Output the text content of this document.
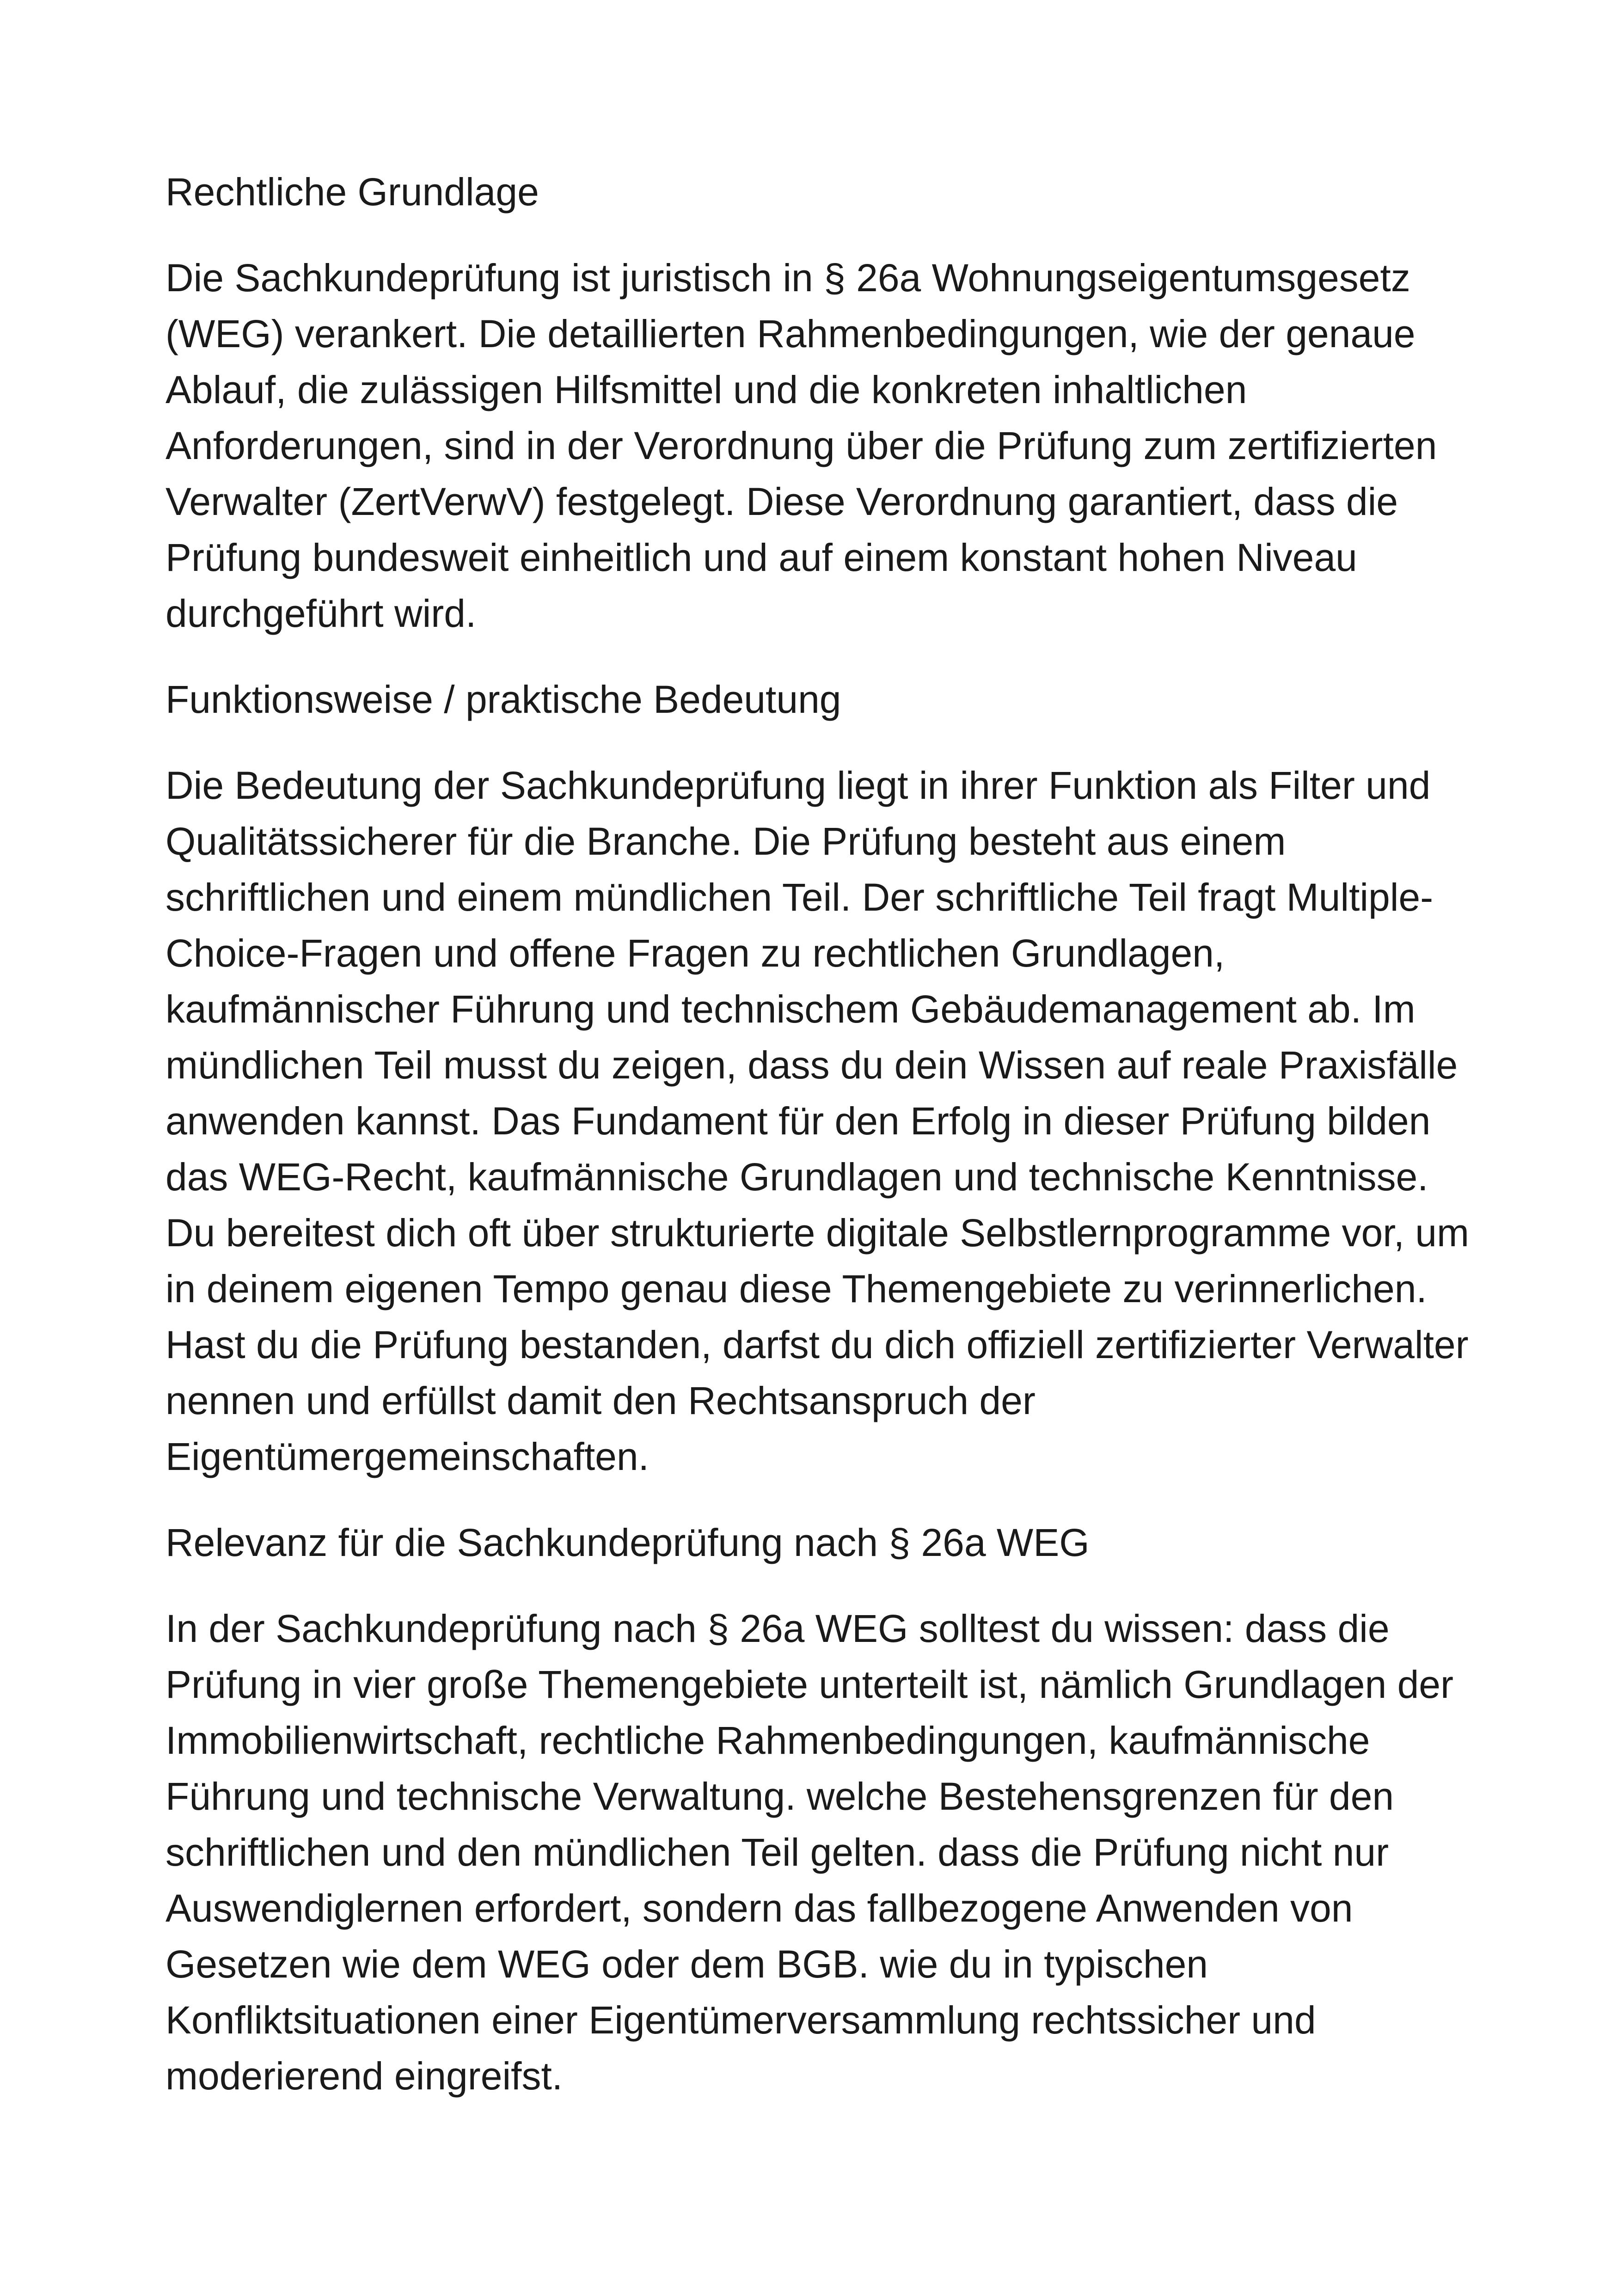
Rechtliche Grundlage

Die Sachkundeprüfung ist juristisch in § 26a Wohnungseigentumsgesetz (WEG) verankert. Die detaillierten Rahmenbedingungen, wie der genaue Ablauf, die zulässigen Hilfsmittel und die konkreten inhaltlichen Anforderungen, sind in der Verordnung über die Prüfung zum zertifizierten Verwalter (ZertVerwV) festgelegt. Diese Verordnung garantiert, dass die Prüfung bundesweit einheitlich und auf einem konstant hohen Niveau durchgeführt wird.

Funktionsweise / praktische Bedeutung

Die Bedeutung der Sachkundeprüfung liegt in ihrer Funktion als Filter und Qualitätssicherer für die Branche. Die Prüfung besteht aus einem schriftlichen und einem mündlichen Teil. Der schriftliche Teil fragt Multiple-Choice-Fragen und offene Fragen zu rechtlichen Grundlagen, kaufmännischer Führung und technischem Gebäudemanagement ab. Im mündlichen Teil musst du zeigen, dass du dein Wissen auf reale Praxisfälle anwenden kannst. Das Fundament für den Erfolg in dieser Prüfung bilden das WEG-Recht, kaufmännische Grundlagen und technische Kenntnisse. Du bereitest dich oft über strukturierte digitale Selbstlernprogramme vor, um in deinem eigenen Tempo genau diese Themengebiete zu verinnerlichen. Hast du die Prüfung bestanden, darfst du dich offiziell zertifizierter Verwalter nennen und erfüllst damit den Rechtsanspruch der Eigentümergemeinschaften.

Relevanz für die Sachkundeprüfung nach § 26a WEG

In der Sachkundeprüfung nach § 26a WEG solltest du wissen: dass die Prüfung in vier große Themengebiete unterteilt ist, nämlich Grundlagen der Immobilienwirtschaft, rechtliche Rahmenbedingungen, kaufmännische Führung und technische Verwaltung. welche Bestehensgrenzen für den schriftlichen und den mündlichen Teil gelten. dass die Prüfung nicht nur Auswendiglernen erfordert, sondern das fallbezogene Anwenden von Gesetzen wie dem WEG oder dem BGB. wie du in typischen Konfliktsituationen einer Eigentümerversammlung rechtssicher und moderierend eingreifst.
